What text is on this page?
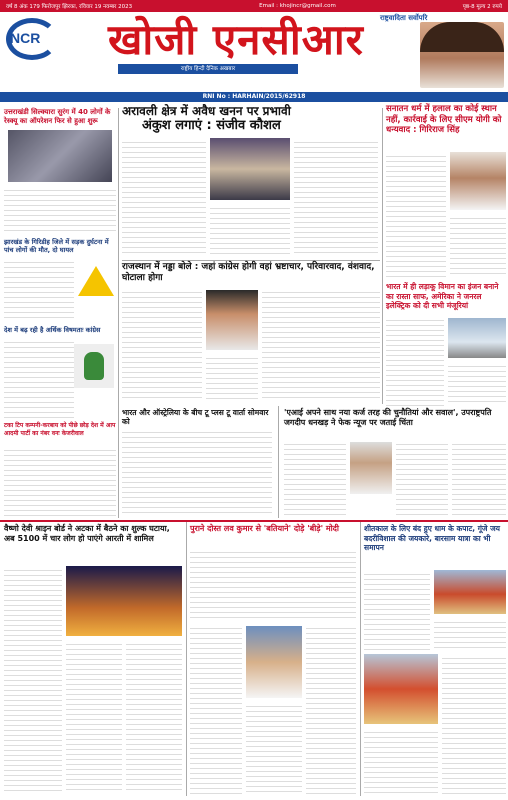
वर्ष 8 अंक 179 फिरोजपुर झिरका, रविवार 19 नवम्बर 2023	Email : khojincr@gmail.com	पृष्ठ-8 मूल्य 2 रुपये
NCR खोजी एनसीआर
राष्ट्रीय हिन्दी दैनिक अखबार
राष्ट्रवादिता सर्वोपरि
RNI No : HARHAIN/2015/62918
उत्तराखंडी सिल्क्यारा सुरंग में 40 लोगों के रेस्क्यू का ऑपरेशन फिर से हुआ शुरू
झारखंड के गिरिडीह जिले में सड़क दुर्घटना में पांच लोगों की मौत, दो घायल
देश में बढ़ रही है अर्थिक विषमताः कांग्रेस
टका टिप कम्पनी-करबाय को पीछे छोड़ देश में आप आदमी पार्टी का नंबर वनः केजरीवाल
अरावली क्षेत्र में अवैध खनन पर प्रभावी
अंकुश लगाएं : संजीव कौशल
राजस्थान में नड्डा बोले : जहां कांग्रेस होगी वहां भ्रष्टाचार, परिवारवाद, वंशवाद, घोटाला होगा
भारत और ऑस्ट्रेलिया के बीच टू प्लस टू वार्ता सोमवार को
'एआई अपने साथ नया कर्ज तरह की चुनौतियां और सवाल', उपराष्ट्रपति जगदीप धनखड़ ने फेक न्यूज पर जताई चिंता
सनातन धर्म में हलाल का कोई स्थान नहीं, कार्रवाई के लिए सीएम योगी को धन्यवाद : गिरिराज सिंह
भारत में ही लड़ाकू विमान का इंजन बनाने का रास्ता साफ, अमेरिका ने जनरल इलेक्ट्रिक को दी सभी मंजूरियां
वैष्णो देवी श्राइन बोर्ड ने अटका में बैठने का शुल्क घटाया, अब 5100 में चार लोग हो पाएंगे आरती में शामिल
पुराने दोस्त लव कुमार से 'बतियाने' दोड़े 'बीड़े' मोदी	शीतकाल के लिए बंद हुए धाम के कपाट, गूंजे जय बदरीविशाल की जयकारे, बारसाम यात्रा का भी समापन
